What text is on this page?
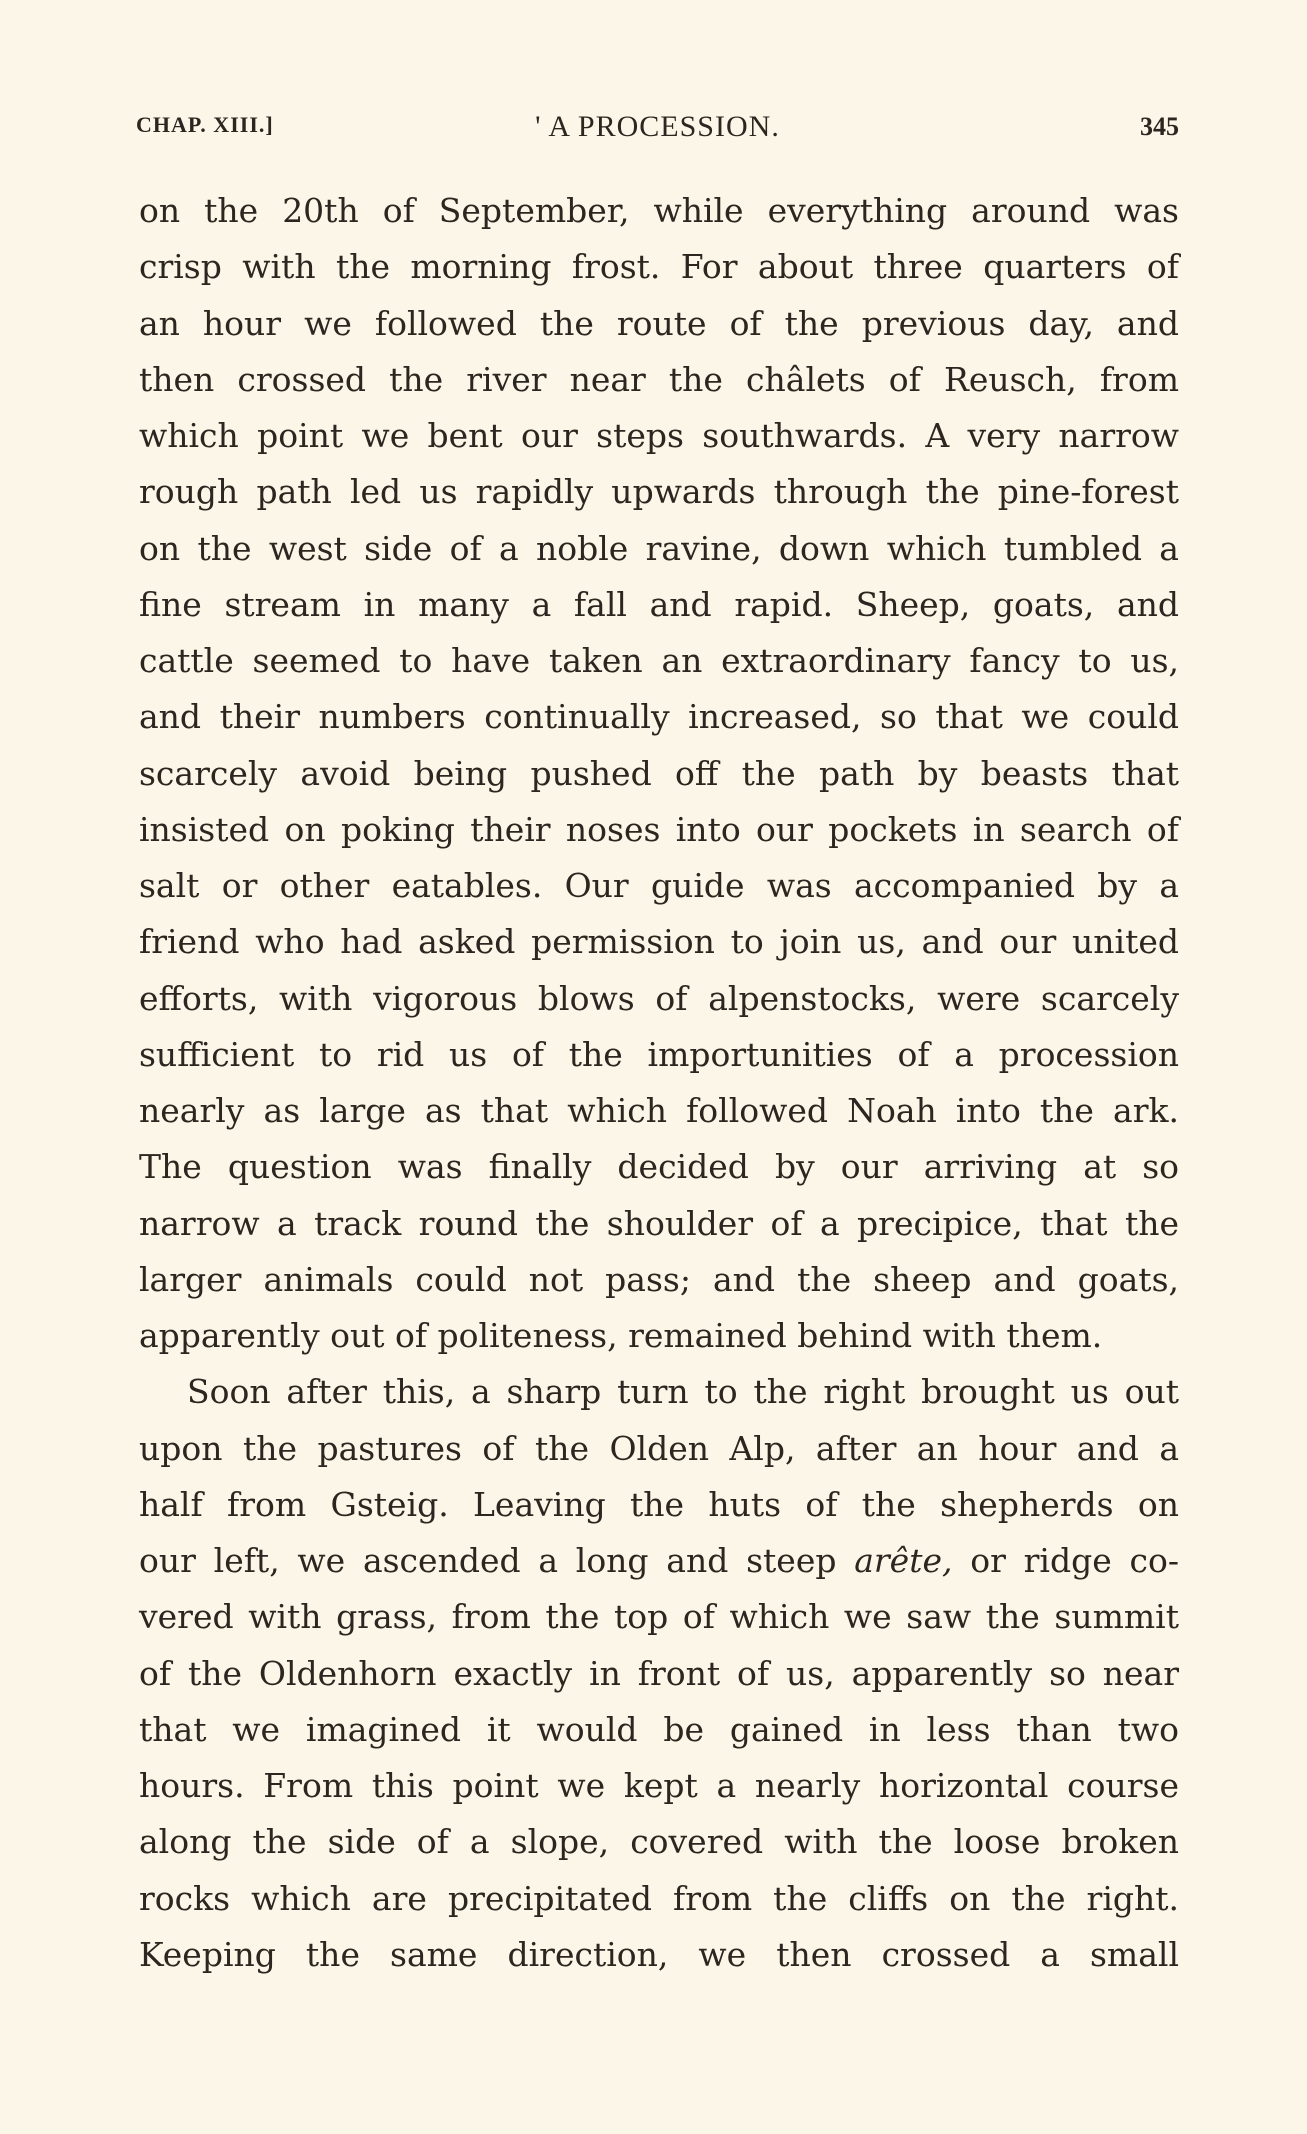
CHAP. XIII.]	' A PROCESSION.	345
on the 20th of September, while everything around was
crisp with the morning frost. For about three quarters of
an hour we followed the route of the previous day, and
then crossed the river near the châlets of Reusch, from
which point we bent our steps southwards. A very narrow
rough path led us rapidly upwards through the pine-forest
on the west side of a noble ravine, down which tumbled a
fine stream in many a fall and rapid. Sheep, goats, and
cattle seemed to have taken an extraordinary fancy to us,
and their numbers continually increased, so that we could
scarcely avoid being pushed off the path by beasts that
insisted on poking their noses into our pockets in search of
salt or other eatables. Our guide was accompanied by a
friend who had asked permission to join us, and our united
efforts, with vigorous blows of alpenstocks, were scarcely
sufficient to rid us of the importunities of a procession
nearly as large as that which followed Noah into the ark.
The question was finally decided by our arriving at so
narrow a track round the shoulder of a precipice, that the
larger animals could not pass; and the sheep and goats,
apparently out of politeness, remained behind with them.
Soon after this, a sharp turn to the right brought us out
upon the pastures of the Olden Alp, after an hour and a
half from Gsteig. Leaving the huts of the shepherds on
our left, we ascended a long and steep arête, or ridge co-
vered with grass, from the top of which we saw the summit
of the Oldenhorn exactly in front of us, apparently so near
that we imagined it would be gained in less than two
hours. From this point we kept a nearly horizontal course
along the side of a slope, covered with the loose broken
rocks which are precipitated from the cliffs on the right.
Keeping the same direction, we then crossed a small
